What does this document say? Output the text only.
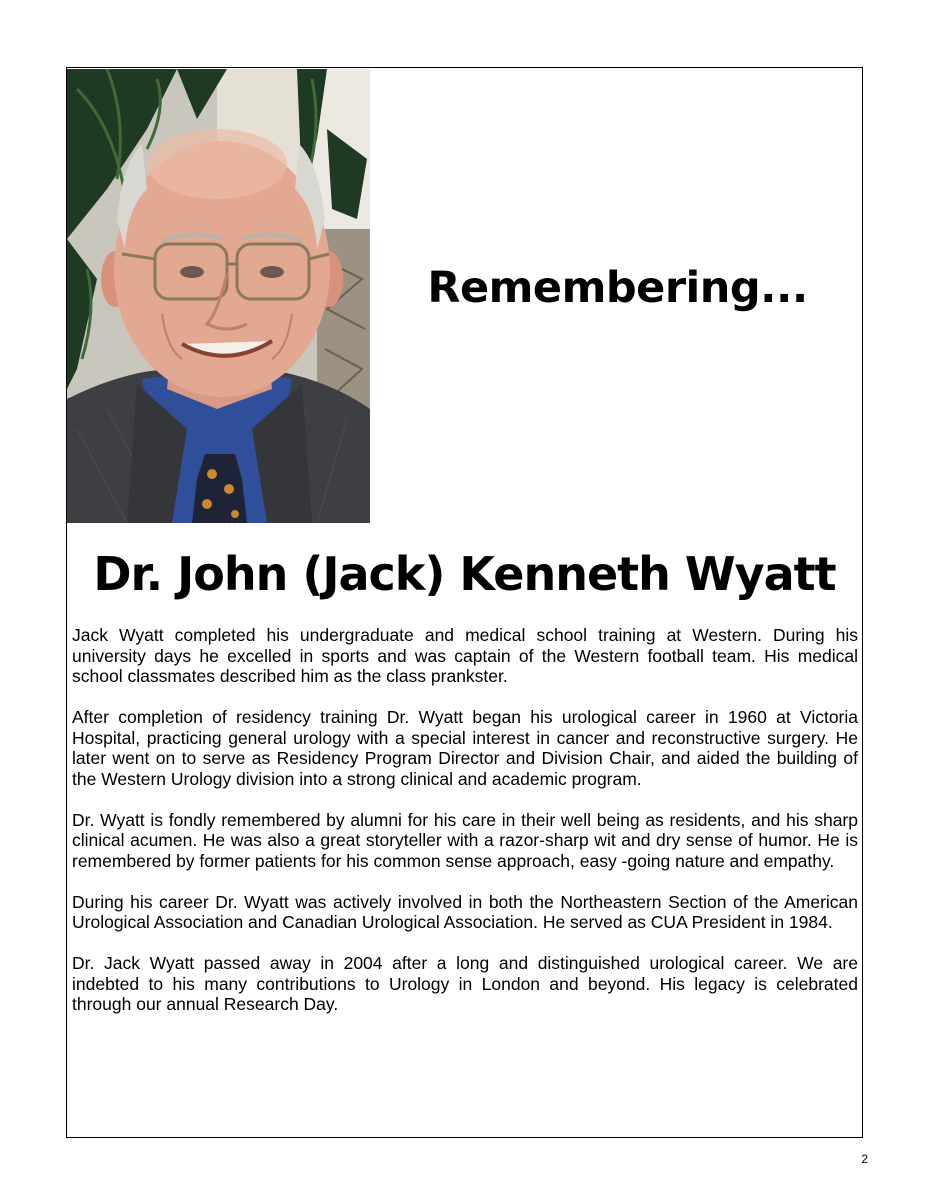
Remembering...
Dr. John (Jack) Kenneth Wyatt

Jack Wyatt completed his undergraduate and medical school training at Western. During his university days he excelled in sports and was captain of the Western football team. His medical school classmates described him as the class prankster.

After completion of residency training Dr. Wyatt began his urological career in 1960 at Victoria Hospital, practicing general urology with a special interest in cancer and reconstructive surgery. He later went on to serve as Residency Program Director and Division Chair, and aided the building of the Western Urology division into a strong clinical and academic program.

Dr. Wyatt is fondly remembered by alumni for his care in their well being as residents, and his sharp clinical acumen. He was also a great storyteller with a razor-sharp wit and dry sense of humor. He is remembered by former patients for his common sense approach, easy -going nature and empathy.

During his career Dr. Wyatt was actively involved in both the Northeastern Section of the American Urological Association and Canadian Urological Association. He served as CUA President in 1984.

Dr. Jack Wyatt passed away in 2004 after a long and distinguished urological career. We are indebted to his many contributions to Urology in London and beyond. His legacy is celebrated through our annual Research Day.

2
